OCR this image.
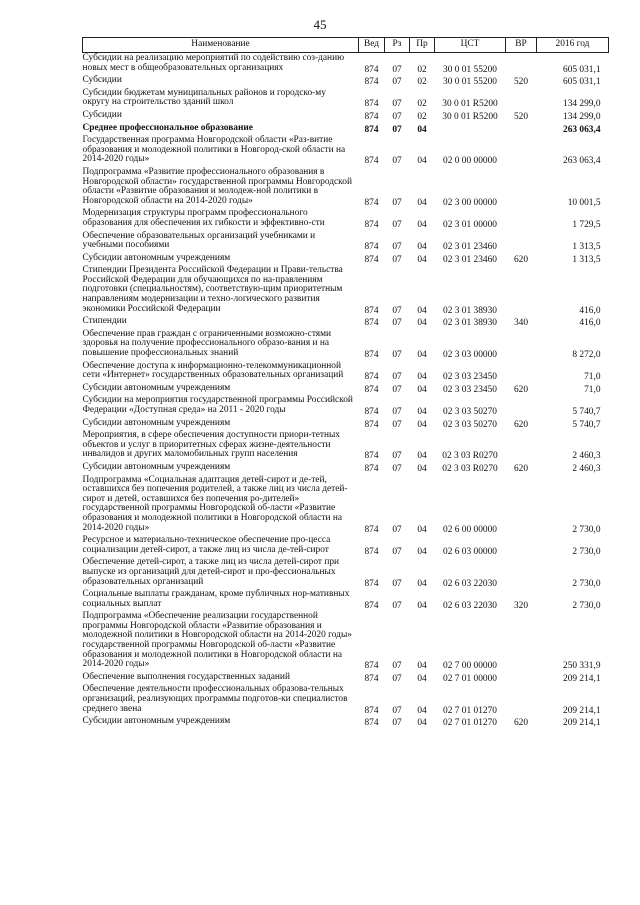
45
Наименование	Вед	Рз	Пр	ЦСТ	ВР	2016 год
Субсидии на реализацию мероприятий по содействию соз-данию новых мест в общеобразовательных организациях	874	07	02	30 0 01 55200		605 031,1
Субсидии	874	07	02	30 0 01 55200	520	605 031,1
Субсидии бюджетам муниципальных районов и городско-му округу на строительство зданий школ	874	07	02	30 0 01 R5200		134 299,0
Субсидии	874	07	02	30 0 01 R5200	520	134 299,0
Среднее профессиональное образование	874	07	04			263 063,4
Государственная программа Новгородской области «Раз-витие образования и молодежной политики в Новгород-ской области на 2014-2020 годы»	874	07	04	02 0 00 00000		263 063,4
Подпрограмма «Развитие профессионального образования в Новгородской области» государственной программы Новгородской области «Развитие образования и молодеж-ной политики в Новгородской области на 2014-2020 годы»	874	07	04	02 3 00 00000		10 001,5
Модернизация структуры программ профессионального образования для обеспечения их гибкости и эффективно-сти	874	07	04	02 3 01 00000		1 729,5
Обеспечение образовательных организаций учебниками и учебными пособиями	874	07	04	02 3 01 23460		1 313,5
Субсидии автономным учреждениям	874	07	04	02 3 01 23460	620	1 313,5
Стипендии Президента Российской Федерации и Прави-тельства Российской Федерации для обучающихся по на-правлениям подготовки (специальностям), соответствую-щим приоритетным направлениям модернизации и техно-логического развития экономики Российской Федерации	874	07	04	02 3 01 38930		416,0
Стипендии	874	07	04	02 3 01 38930	340	416,0
Обеспечение прав граждан с ограниченными возможно-стями здоровья на получение профессионального образо-вания и на повышение профессиональных знаний	874	07	04	02 3 03 00000		8 272,0
Обеспечение доступа к информационно-телекоммуникационной сети «Интернет» государственных образовательных организаций	874	07	04	02 3 03 23450		71,0
Субсидии автономным учреждениям	874	07	04	02 3 03 23450	620	71,0
Субсидии на мероприятия государственной программы Российской Федерации «Доступная среда» на 2011 - 2020 годы	874	07	04	02 3 03 50270		5 740,7
Субсидии автономным учреждениям	874	07	04	02 3 03 50270	620	5 740,7
Мероприятия, в сфере обеспечения доступности приори-тетных объектов и услуг в приоритетных сферах жизне-деятельности инвалидов и других маломобильных групп населения	874	07	04	02 3 03 R0270		2 460,3
Субсидии автономным учреждениям	874	07	04	02 3 03 R0270	620	2 460,3
Подпрограмма «Социальная адаптация детей-сирот и де-тей, оставшихся без попечения родителей, а также лиц из числа детей-сирот и детей, оставшихся без попечения ро-дителей» государственной программы Новгородской об-ласти «Развитие образования и молодежной политики в Новгородской области на 2014-2020 годы»	874	07	04	02 6 00 00000		2 730,0
Ресурсное и материально-техническое обеспечение про-цесса социализации детей-сирот, а также лиц из числа де-тей-сирот	874	07	04	02 6 03 00000		2 730,0
Обеспечение детей-сирот, а также лиц из числа детей-сирот при выпуске из организаций для детей-сирот и про-фессиональных образовательных организаций	874	07	04	02 6 03 22030		2 730,0
Социальные выплаты гражданам, кроме публичных нор-мативных социальных выплат	874	07	04	02 6 03 22030	320	2 730,0
Подпрограмма «Обеспечение реализации государственной программы Новгородской области «Развитие образования и молодежной политики в Новгородской области на 2014-2020 годы» государственной программы Новгородской об-ласти «Развитие образования и молодежной политики в Новгородской области на 2014-2020 годы»	874	07	04	02 7 00 00000		250 331,9
Обеспечение выполнения государственных заданий	874	07	04	02 7 01 00000		209 214,1
Обеспечение деятельности профессиональных образова-тельных организаций, реализующих программы подготов-ки специалистов среднего звена	874	07	04	02 7 01 01270		209 214,1
Субсидии автономным учреждениям	874	07	04	02 7 01 01270	620	209 214,1
